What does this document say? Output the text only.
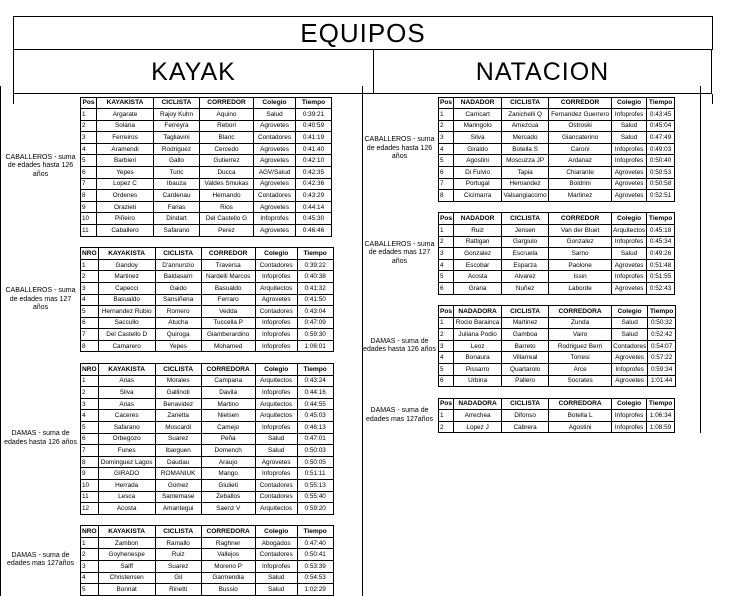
EQUIPOS
KAYAK	NATACION
CABALLEROS - suma de edades hasta 126 años
Pos	KAYAKISTA	CICLISTA	CORREDOR	Colegio	Tiempo
1	Argarate	Rajoy Kuhn	Aquino	Salud	0:39:21
2	Solana	Ferreyra	Rebori	Agrovetes	0:40:59
3	Ferreiros	Tagliavini	Blanc	Contadores	0:41:19
4	Aramendi	Rodriguez	Cercedo	Agrovetes	0:41:40
5	Barbieri	Gallo	Gutierrez	Agrovetes	0:42:10
6	Yepes	Turic	Ducca	AGV/Salud	0:42:35
7	Lopez C	Ibauza	Valdes Smukas	Agrovetes	0:42:36
8	Ordenes	Cardenau	Hernando	Contadores	0:43:29
9	Orazieti	Farias	Rios	Agrovetes	0:44:14
10	Piñeiro	Dindart	Del Castello G	Infoprofes	0:45:30
11	Caballero	Safarano	Perez	Agrovetes	0:46:46
CABALLEROS - suma de edades mas 127 años
NRO	KAYAKISTA	CICLISTA	CORREDOR	Colegio	Tiempo
1	Gandoy	D'annunzio	Traversa	Contadores	0:39:22
2	Martinez	Baldasarri	Nardelli Marcos	Infoprofes	0:40:38
3	Capecci	Gaido	Basualdo	Arquitectos	0:41:32
4	Basualdo	Sansiñena	Ferraro	Agrovetes	0:41:50
5	Hernandez Rubio	Romero	Vedda	Contadores	0:43:04
6	Saccullo	Atucha	Tuccella P	Infoprofes	0:47:09
7	Del Castello D	Quiroga	Giamberardino	Infoprofes	0:59:30
8	Camarero	Yepes	Mohamed	Infoprofes	1:06:01
DAMAS - suma de edades hasta 126 años
NRO	KAYAKISTA	CICLISTA	CORREDORA	Colegio	Tiempo
1	Arias	Morales	Campana	Arquitectos	0:43:24
2	Silva	Gallinoti	Davila	Infoprofes	0:44:16
3	Arias	Benavidez	Martino	Arquitectos	0:44:55
4	Caceres	Zanetta	Nielsen	Arquitectos	0:45:03
5	Safarano	Moscardi	Camejo	Infoprofes	0:46:13
6	Orbegozo	Suarez	Peña	Salud	0:47:01
7	Funes	Ibarguen	Domench	Salud	0:50:03
8	Dominguez Lagos	Daudau	Araujo	Agrovetes	0:50:05
9	GIRADO	ROMANIUK	Mango	Infoprofes	0:51:11
10	Herrada	Gomez	Giulieti	Contadores	0:55:13
11	Lesca	Santemase	Zeballos	Contadores	0:55:40
12	Acosta	Amantegui	Saenz V	Arquitectos	0:59:20
DAMAS - suma de edades mas 127años
NRO	KAYAKISTA	CICLISTA	CORREDORA	Colegio	Tiempo
1	Zambon	Ramallo	Raghner	Abogados	0:47:40
2	Goyhenespe	Ruiz	Vallejos	Contadores	0:50:41
3	Saiff	Suarez	Moreno P	Infoprofes	0:53:39
4	Christensen	Gil	Garmendia	Salud	0:54:53
5	Bonnat	Rinetti	Bussio	Salud	1:02:29
CABALLEROS - suma de edades hasta 126 años
Pos	NADADOR	CICLISTA	CORREDOR	Colegio	Tiempo
1	Carricart	Zanichelli Q	Fernandez Guerrero	Infoprofes	0:43:45
2	Maringolo	Amezcua	Ostroski	Salud	0:45:04
3	Silva	Mercado	Giancaterino	Salud	0:47:49
4	Giraldo	Botella S	Caroni	Infoprofes	0:49:03
5	Agostini	Moscuzza JP	Ardanaz	Infoprofes	0:50:40
6	Di Fulvio	Tapia	Chiarante	Agrovetes	0:50:53
7	Portugal	Hernandez	Boldrini	Agrovetes	0:50:58
8	Cicimarra	Valsangiacomo	Martinez	Agrovetes	0:52:51
CABALLEROS - suma de edades mas 127 años
Pos	NADADOR	CICLISTA	CORREDOR	Colegio	Tiempo
1	Ruiz	Jensen	Van der Bluet	Arquitectos	0:45:18
2	Rattigan	Gargiulo	Gonzalez	Infoprofes	0:45:34
3	Gonzalez	Escruela	Sarno	Salud	0:49:26
4	Escobar	Esparza	Paolone	Agrovetes	0:51:48
5	Acosta	Alvarez	Issin	Infoprofes	0:51:55
6	Grana	Nuñez	Laborde	Agrovetes	0:52:43
DAMAS - suma de edades hasta 126 años
Pos	NADADORA	CICLISTA	CORREDORA	Colegio	Tiempo
1	Rocio Barainca	Martinez	Zunda	Salud	0:50:32
2	Juliana Podio	Gamboa	Vairo	Salud	0:52:42
3	Leoz	Barreto	Rodriguez Berri	Contadores	0:54:07
4	Bonaura	Villarreal	Torresi	Agrovetes	0:57:22
5	Pissarro	Quartarolo	Arce	Infoprofes	0:59:34
6	Urbina	Pallero	Socrates	Agrovetes	1:01:44
DAMAS - suma de edades mas 127años
Pos	NADADORA	CICLISTA	CORREDORA	Colegio	Tiempo
1	Arrechea	Difonso	Botella L	Infoprofes	1:06:34
2	Lopez J	Cabrera	Agostini	Infoprofes	1:08:59
